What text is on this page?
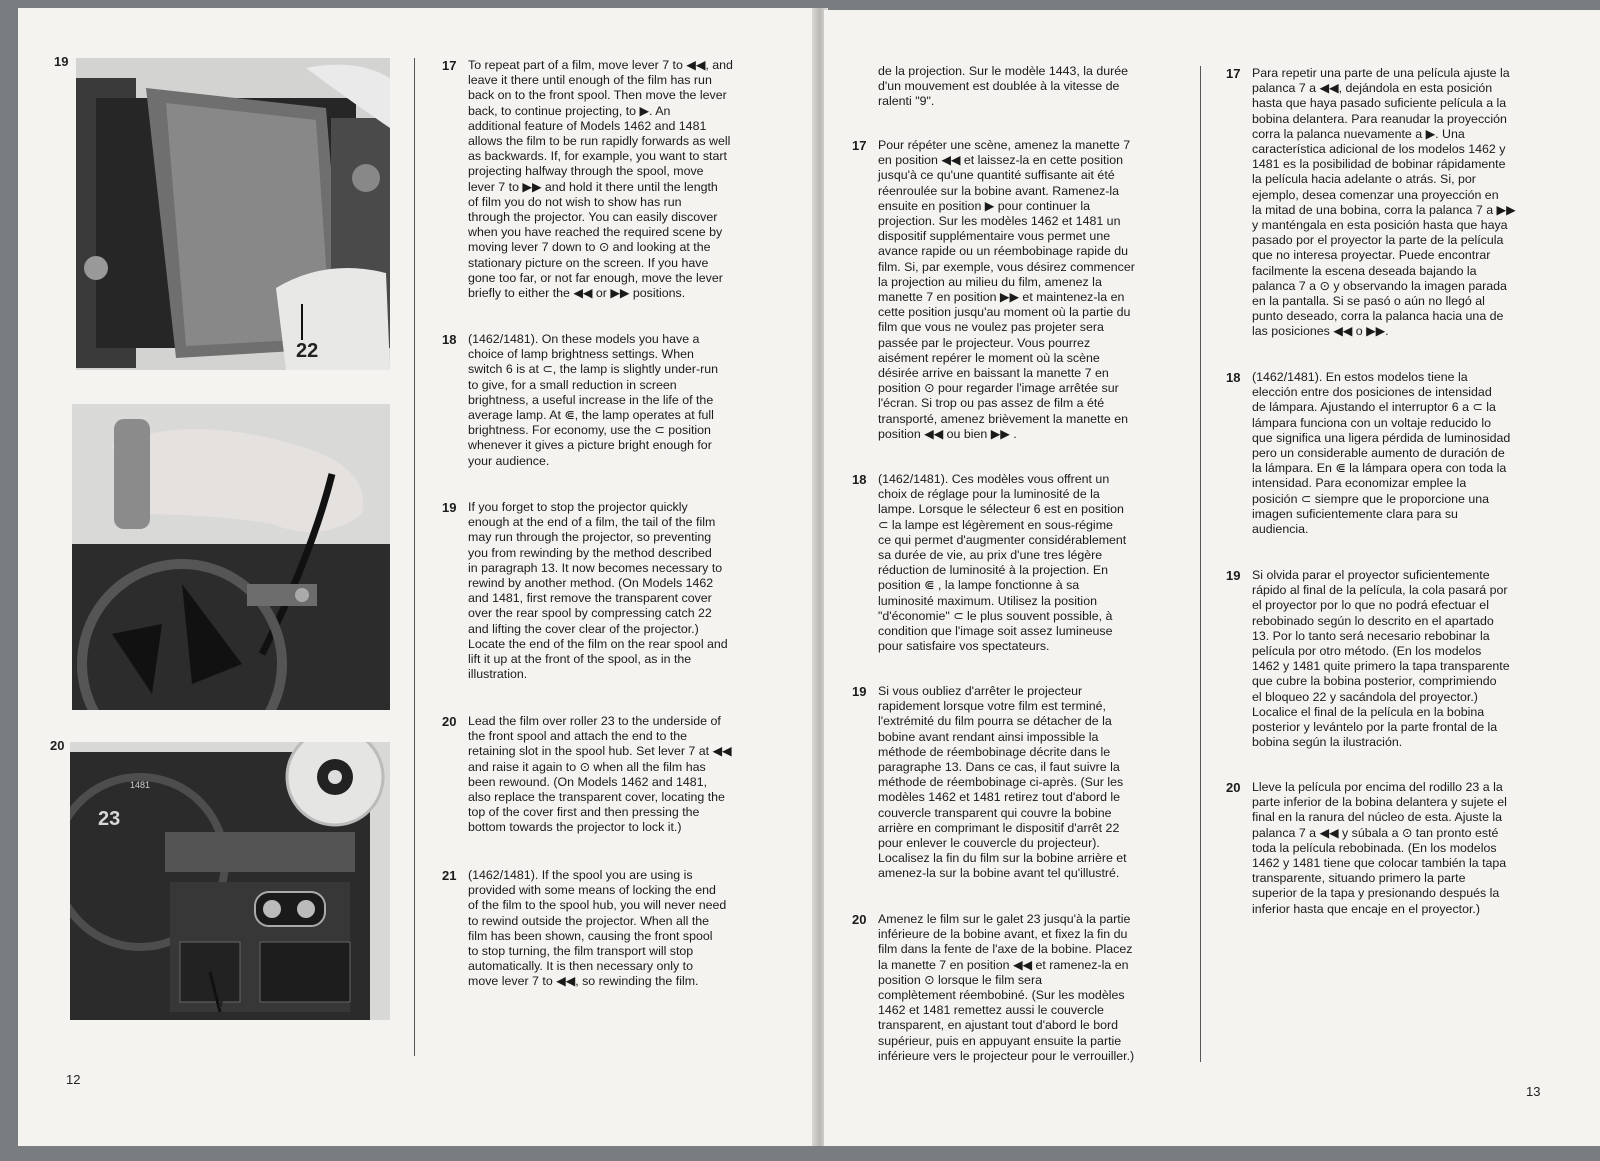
19
20
22
23
7
1481
17 To repeat part of a film, move lever 7 to ◀◀, and
leave it there until enough of the film has run
back on to the front spool. Then move the lever
back, to continue projecting, to ▶. An
additional feature of Models 1462 and 1481
allows the film to be run rapidly forwards as well
as backwards. If, for example, you want to start
projecting halfway through the spool, move
lever 7 to ▶▶ and hold it there until the length
of film you do not wish to show has run
through the projector. You can easily discover
when you have reached the required scene by
moving lever 7 down to ⊙ and looking at the
stationary picture on the screen. If you have
gone too far, or not far enough, move the lever
briefly to either the ◀◀ or ▶▶ positions.

18 (1462/1481). On these models you have a
choice of lamp brightness settings. When
switch 6 is at ⊂, the lamp is slightly under-run
to give, for a small reduction in screen
brightness, a useful increase in the life of the
average lamp. At ⋐, the lamp operates at full
brightness. For economy, use the ⊂ position
whenever it gives a picture bright enough for
your audience.

19 If you forget to stop the projector quickly
enough at the end of a film, the tail of the film
may run through the projector, so preventing
you from rewinding by the method described
in paragraph 13. It now becomes necessary to
rewind by another method. (On Models 1462
and 1481, first remove the transparent cover
over the rear spool by compressing catch 22
and lifting the cover clear of the projector.)
Locate the end of the film on the rear spool and
lift it up at the front of the spool, as in the
illustration.

20 Lead the film over roller 23 to the underside of
the front spool and attach the end to the
retaining slot in the spool hub. Set lever 7 at ◀◀
and raise it again to ⊙ when all the film has
been rewound. (On Models 1462 and 1481,
also replace the transparent cover, locating the
top of the cover first and then pressing the
bottom towards the projector to lock it.)

21 (1462/1481). If the spool you are using is
provided with some means of locking the end
of the film to the spool hub, you will never need
to rewind outside the projector. When all the
film has been shown, causing the front spool
to stop turning, the film transport will stop
automatically. It is then necessary only to
move lever 7 to ◀◀, so rewinding the film.

12

de la projection. Sur le modèle 1443, la durée
d'un mouvement est doublée à la vitesse de
ralenti "9".

17 Pour répéter une scène, amenez la manette 7
en position ◀◀ et laissez-la en cette position
jusqu'à ce qu'une quantité suffisante ait été
réenroulée sur la bobine avant. Ramenez-la
ensuite en position ▶ pour continuer la
projection. Sur les modèles 1462 et 1481 un
dispositif supplémentaire vous permet une
avance rapide ou un réembobinage rapide du
film. Si, par exemple, vous désirez commencer
la projection au milieu du film, amenez la
manette 7 en position ▶▶ et maintenez-la en
cette position jusqu'au moment où la partie du
film que vous ne voulez pas projeter sera
passée par le projecteur. Vous pourrez
aisément repérer le moment où la scène
désirée arrive en baissant la manette 7 en
position ⊙ pour regarder l'image arrêtée sur
l'écran. Si trop ou pas assez de film a été
transporté, amenez brièvement la manette en
position ◀◀ ou bien ▶▶ .

18 (1462/1481). Ces modèles vous offrent un
choix de réglage pour la luminosité de la
lampe. Lorsque le sélecteur 6 est en position
⊂ la lampe est légèrement en sous-régime
ce qui permet d'augmenter considérablement
sa durée de vie, au prix d'une tres légère
réduction de luminosité à la projection. En
position ⋐ , la lampe fonctionne à sa
luminosité maximum. Utilisez la position
"d'économie" ⊂ le plus souvent possible, à
condition que l'image soit assez lumineuse
pour satisfaire vos spectateurs.

19 Si vous oubliez d'arrêter le projecteur
rapidement lorsque votre film est terminé,
l'extrémité du film pourra se détacher de la
bobine avant rendant ainsi impossible la
méthode de réembobinage décrite dans le
paragraphe 13. Dans ce cas, il faut suivre la
méthode de réembobinage ci-après. (Sur les
modèles 1462 et 1481 retirez tout d'abord le
couvercle transparent qui couvre la bobine
arrière en comprimant le dispositif d'arrêt 22
pour enlever le couvercle du projecteur).
Localisez la fin du film sur la bobine arrière et
amenez-la sur la bobine avant tel qu'illustré.

20 Amenez le film sur le galet 23 jusqu'à la partie
inférieure de la bobine avant, et fixez la fin du
film dans la fente de l'axe de la bobine. Placez
la manette 7 en position ◀◀ et ramenez-la en
position ⊙ lorsque le film sera
complètement réembobiné. (Sur les modèles
1462 et 1481 remettez aussi le couvercle
transparent, en ajustant tout d'abord le bord
supérieur, puis en appuyant ensuite la partie
inférieure vers le projecteur pour le verrouiller.)

17 Para repetir una parte de una película ajuste la
palanca 7 a ◀◀, dejándola en esta posición
hasta que haya pasado suficiente película a la
bobina delantera. Para reanudar la proyección
corra la palanca nuevamente a ▶. Una
característica adicional de los modelos 1462 y
1481 es la posibilidad de bobinar rápidamente
la película hacia adelante o atrás. Si, por
ejemplo, desea comenzar una proyección en
la mitad de una bobina, corra la palanca 7 a ▶▶
y manténgala en esta posición hasta que haya
pasado por el proyector la parte de la película
que no interesa proyectar. Puede encontrar
facilmente la escena deseada bajando la
palanca 7 a ⊙ y observando la imagen parada
en la pantalla. Si se pasó o aún no llegó al
punto deseado, corra la palanca hacia una de
las posiciones ◀◀ o ▶▶.

18 (1462/1481). En estos modelos tiene la
elección entre dos posiciones de intensidad
de lámpara. Ajustando el interruptor 6 a ⊂ la
lámpara funciona con un voltaje reducido lo
que significa una ligera pérdida de luminosidad
pero un considerable aumento de duración de
la lámpara. En ⋐ la lámpara opera con toda la
intensidad. Para economizar emplee la
posición ⊂ siempre que le proporcione una
imagen suficientemente clara para su
audiencia.

19 Si olvida parar el proyector suficientemente
rápido al final de la película, la cola pasará por
el proyector por lo que no podrá efectuar el
rebobinado según lo descrito en el apartado
13. Por lo tanto será necesario rebobinar la
película por otro método. (En los modelos
1462 y 1481 quite primero la tapa transparente
que cubre la bobina posterior, comprimiendo
el bloqueo 22 y sacándola del proyector.)
Localice el final de la película en la bobina
posterior y levántelo por la parte frontal de la
bobina según la ilustración.

20 Lleve la película por encima del rodillo 23 a la
parte inferior de la bobina delantera y sujete el
final en la ranura del núcleo de esta. Ajuste la
palanca 7 a ◀◀ y súbala a ⊙ tan pronto esté
toda la película rebobinada. (En los modelos
1462 y 1481 tiene que colocar también la tapa
transparente, situando primero la parte
superior de la tapa y presionando después la
inferior hasta que encaje en el proyector.)

13
